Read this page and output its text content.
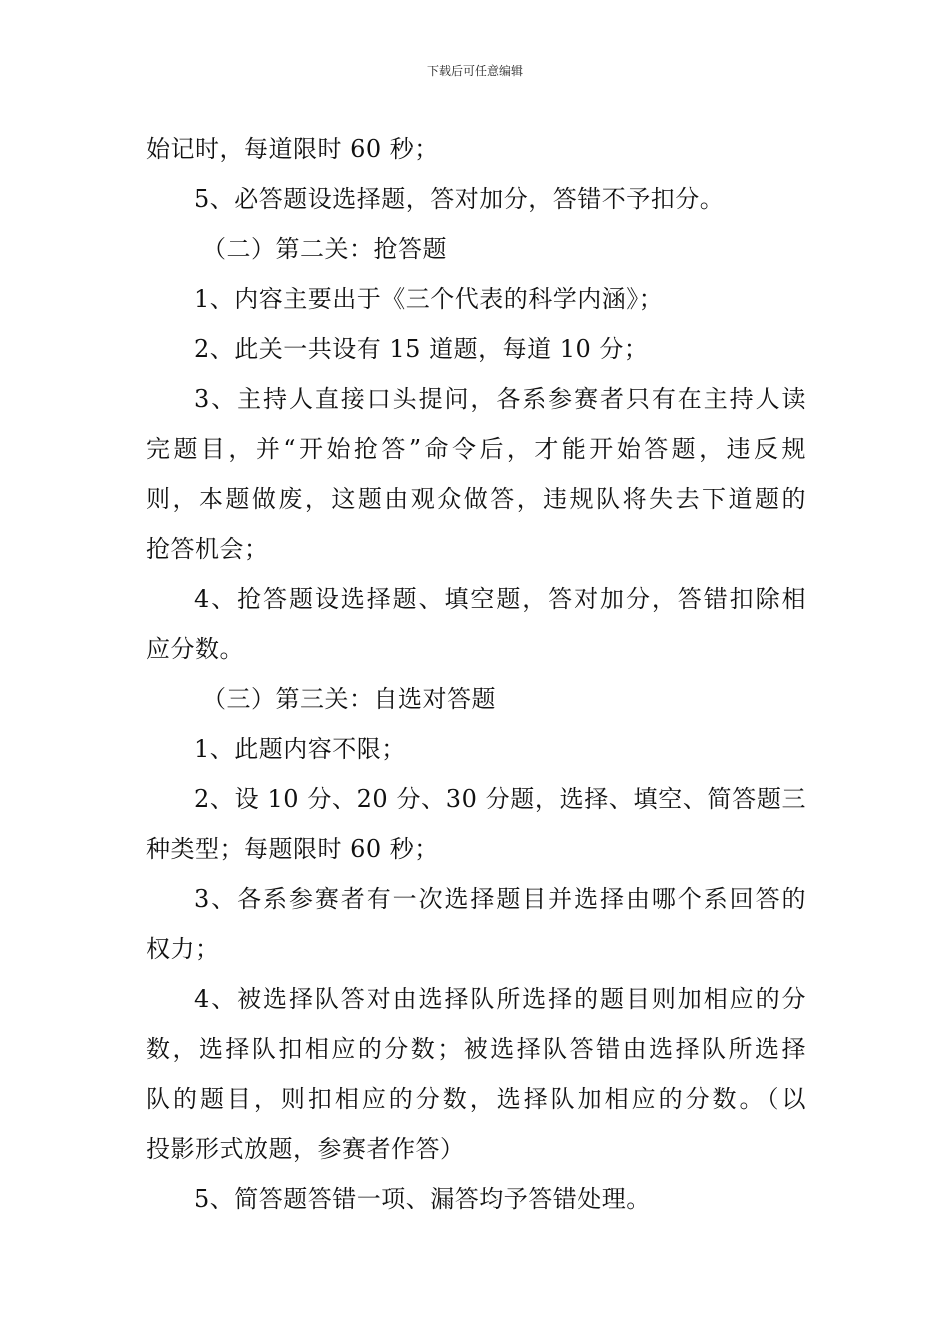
下载后可任意编辑
始记时，每道限时 60 秒；
5、必答题设选择题，答对加分，答错不予扣分。
（二）第二关：抢答题
1、内容主要出于《三个代表的科学内涵》；
2、此关一共设有 15 道题，每道 10 分；
3、主持人直接口头提问，各系参赛者只有在主持人读
完题目，并“开始抢答”命令后，才能开始答题，违反规
则，本题做废，这题由观众做答，违规队将失去下道题的
抢答机会；
4、抢答题设选择题、填空题，答对加分，答错扣除相
应分数。
（三）第三关：自选对答题
1、此题内容不限；
2、设 10 分、20 分、30 分题，选择、填空、简答题三
种类型；每题限时 60 秒；
3、各系参赛者有一次选择题目并选择由哪个系回答的
权力；
4、被选择队答对由选择队所选择的题目则加相应的分
数，选择队扣相应的分数；被选择队答错由选择队所选择
队的题目，则扣相应的分数，选择队加相应的分数。（以
投影形式放题，参赛者作答）
5、简答题答错一项、漏答均予答错处理。
